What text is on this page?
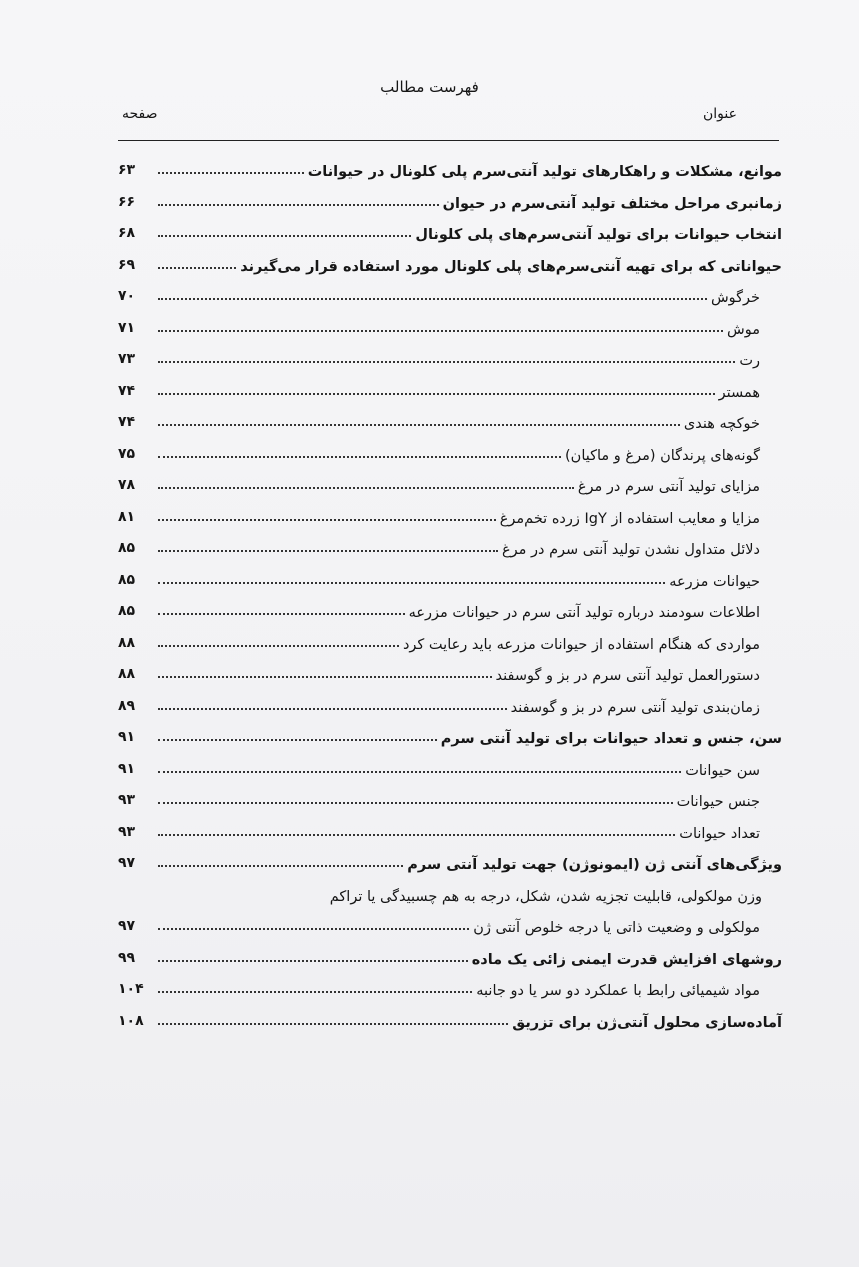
فهرست مطالب
عنوان
صفحه
موانع، مشکلات و راهکارهای تولید آنتی‌سرم پلی کلونال در حیوانات
۶۳
زمانبری مراحل مختلف تولید آنتی‌سرم در حیوان
۶۶
انتخاب حیوانات برای تولید آنتی‌سرم‌های پلی کلونال
۶۸
حیواناتی که برای تهیه آنتی‌سرم‌های پلی کلونال مورد استفاده قرار می‌گیرند
۶۹
خرگوش
۷۰
موش
۷۱
رت
۷۳
همستر
۷۴
خوکچه هندی
۷۴
گونه‌های پرندگان (مرغ و ماکیان)
۷۵
مزایای تولید آنتی سرم در مرغ
۷۸
مزایا و معایب استفاده از IgY زرده تخم‌مرغ
۸۱
دلائل متداول نشدن تولید آنتی سرم در مرغ
۸۵
حیوانات مزرعه
۸۵
اطلاعات سودمند درباره تولید آنتی سرم در حیوانات مزرعه
۸۵
مواردی که هنگام استفاده از حیوانات مزرعه باید رعایت کرد
۸۸
دستورالعمل تولید آنتی سرم در بز و گوسفند
۸۸
زمان‌بندی تولید آنتی سرم در بز و گوسفند
۸۹
سن، جنس و تعداد حیوانات برای تولید آنتی سرم
۹۱
سن حیوانات
۹۱
جنس حیوانات
۹۳
تعداد حیوانات
۹۳
ویژگی‌های آنتی ژن (ایمونوژن) جهت تولید آنتی سرم
۹۷
وزن مولکولی، قابلیت تجزیه شدن، شکل، درجه به هم چسبیدگی یا تراکم
مولکولی و وضعیت ذاتی یا درجه خلوص آنتی ژن
۹۷
روشهای افزایش قدرت ایمنی زائی یک ماده
۹۹
مواد شیمیائی رابط با عملکرد دو سر یا دو جانبه
۱۰۴
آماده‌سازی محلول آنتی‌ژن برای تزریق
۱۰۸
